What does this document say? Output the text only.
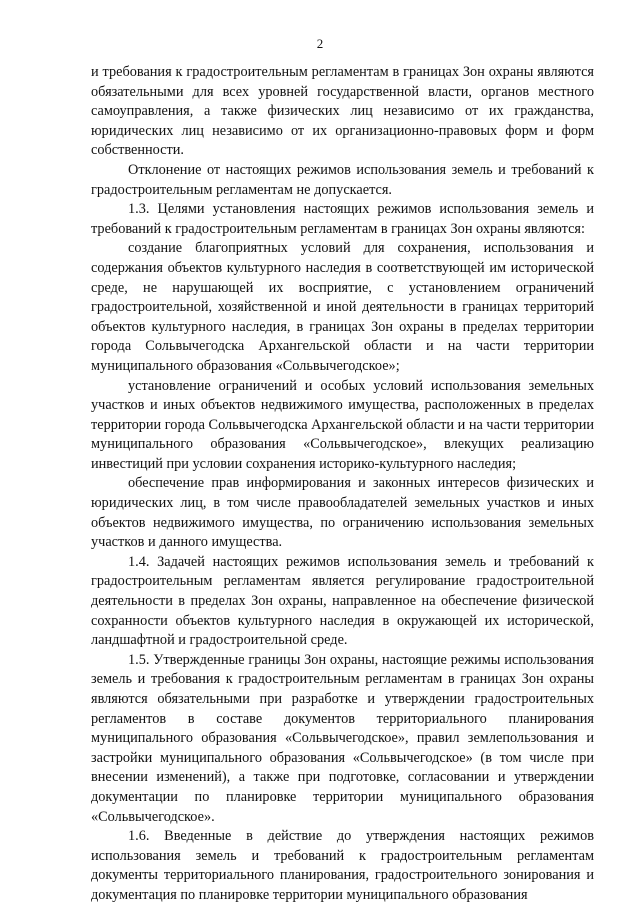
2

и требования к градостроительным регламентам в границах Зон охраны являются обязательными для всех уровней государственной власти, органов местного самоуправления, а также физических лиц независимо от их гражданства, юридических лиц независимо от их организационно-правовых форм и форм собственности.

Отклонение от настоящих режимов использования земель и требований к градостроительным регламентам не допускается.

1.3. Целями установления настоящих режимов использования земель и требований к градостроительным регламентам в границах Зон охраны являются:

создание благоприятных условий для сохранения, использования и содержания объектов культурного наследия в соответствующей им исторической среде, не нарушающей их восприятие, с установлением ограничений градостроительной, хозяйственной и иной деятельности в границах территорий объектов культурного наследия, в границах Зон охраны в пределах территории города Сольвычегодска Архангельской области и на части территории муниципального образования «Сольвычегодское»;

установление ограничений и особых условий использования земельных участков и иных объектов недвижимого имущества, расположенных в пределах территории города Сольвычегодска Архангельской области и на части территории муниципального образования «Сольвычегодское», влекущих реализацию инвестиций при условии сохранения историко-культурного наследия;

обеспечение прав информирования и законных интересов физических и юридических лиц, в том числе правообладателей земельных участков и иных объектов недвижимого имущества, по ограничению использования земельных участков и данного имущества.

1.4. Задачей настоящих режимов использования земель и требований к градостроительным регламентам является регулирование градостроительной деятельности в пределах Зон охраны, направленное на обеспечение физической сохранности объектов культурного наследия в окружающей их исторической, ландшафтной и градостроительной среде.

1.5. Утвержденные границы Зон охраны, настоящие режимы использования земель и требования к градостроительным регламентам в границах Зон охраны являются обязательными при разработке и утверждении градостроительных регламентов в составе документов территориального планирования муниципального образования «Сольвычегодское», правил землепользования и застройки муниципального образования «Сольвычегодское» (в том числе при внесении изменений), а также при подготовке, согласовании и утверждении документации по планировке территории муниципального образования «Сольвычегодское».

1.6. Введенные в действие до утверждения настоящих режимов использования земель и требований к градостроительным регламентам документы территориального планирования, градостроительного зонирования и документация по планировке территории муниципального образования
